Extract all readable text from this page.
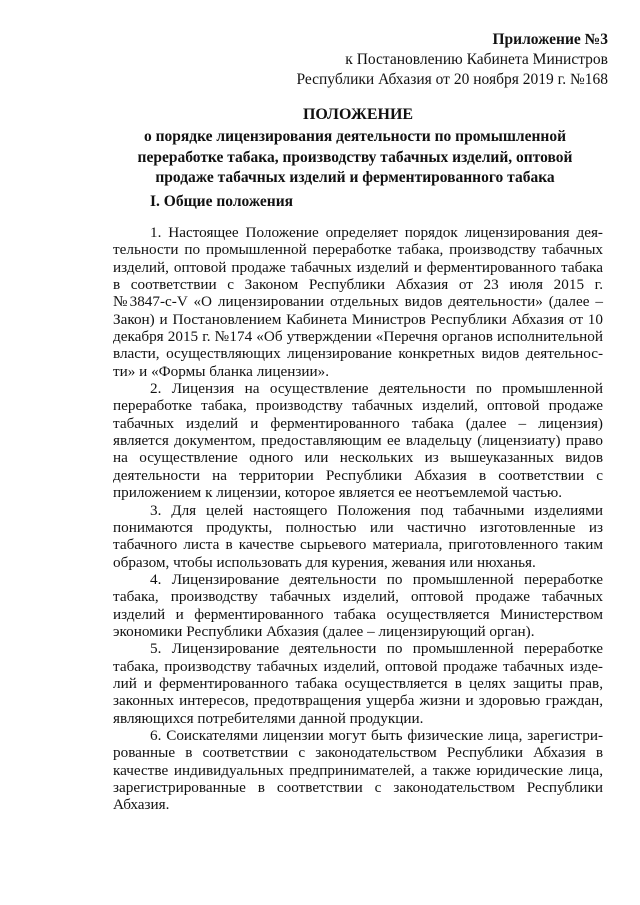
Приложение №3
к Постановлению Кабинета Министров
Республики Абхазия от 20 ноября 2019 г. №168
ПОЛОЖЕНИЕ
о порядке лицензирования деятельности по промышленной
переработке табака, производству табачных изделий, оптовой
продаже табачных изделий и ферментированного табака
I. Общие положения
1. Настоящее Положение определяет порядок лицензирования дея-
тельности по промышленной переработке табака, производству табачных
изделий, оптовой продаже табачных изделий и ферментированного табака
в соответствии с Законом Республики Абхазия от 23 июля 2015 г.
№3847-с-V «О лицензировании отдельных видов деятельности» (далее –
Закон) и Постановлением Кабинета Министров Республики Абхазия от 10
декабря 2015 г. №174 «Об утверждении «Перечня органов исполнительной
власти, осуществляющих лицензирование конкретных видов деятельнос-
ти» и «Формы бланка лицензии».
2. Лицензия на осуществление деятельности по промышленной
переработке табака, производству табачных изделий, оптовой продаже
табачных изделий и ферментированного табака (далее – лицензия)
является документом, предоставляющим ее владельцу (лицензиату) право
на осуществление одного или нескольких из вышеуказанных видов
деятельности на территории Республики Абхазия в соответствии с
приложением к лицензии, которое является ее неотъемлемой частью.
3. Для целей настоящего Положения под табачными изделиями
понимаются продукты, полностью или частично изготовленные из
табачного листа в качестве сырьевого материала, приготовленного таким
образом, чтобы использовать для курения, жевания или нюханья.
4. Лицензирование деятельности по промышленной переработке
табака, производству табачных изделий, оптовой продаже табачных
изделий и ферментированного табака осуществляется Министерством
экономики Республики Абхазия (далее – лицензирующий орган).
5. Лицензирование деятельности по промышленной переработке
табака, производству табачных изделий, оптовой продаже табачных изде-
лий и ферментированного табака осуществляется в целях защиты прав,
законных интересов, предотвращения ущерба жизни и здоровью граждан,
являющихся потребителями данной продукции.
6. Соискателями лицензии могут быть физические лица, зарегистри-
рованные в соответствии с законодательством Республики Абхазия в
качестве индивидуальных предпринимателей, а также юридические лица,
зарегистрированные в соответствии с законодательством Республики
Абхазия.
